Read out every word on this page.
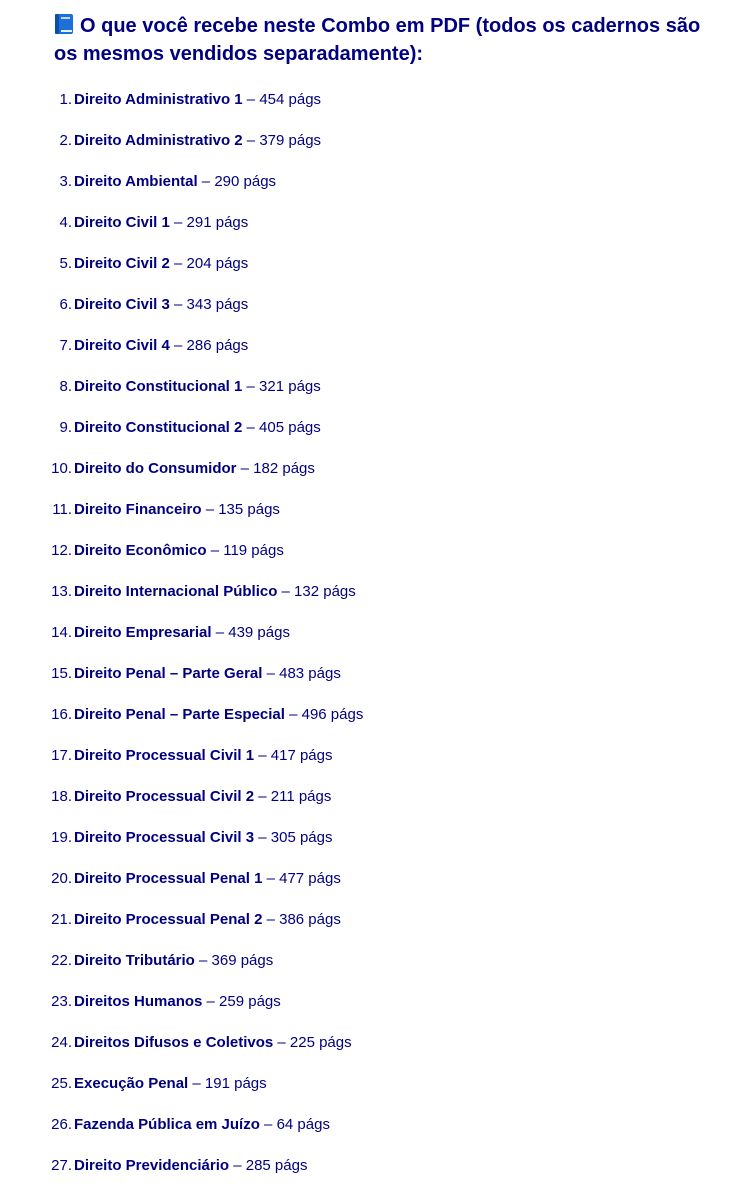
O que você recebe neste Combo em PDF (todos os cadernos são os mesmos vendidos separadamente):
1. Direito Administrativo 1 – 454 págs
2. Direito Administrativo 2 – 379 págs
3. Direito Ambiental – 290 págs
4. Direito Civil 1 – 291 págs
5. Direito Civil 2 – 204 págs
6. Direito Civil 3 – 343 págs
7. Direito Civil 4 – 286 págs
8. Direito Constitucional 1 – 321 págs
9. Direito Constitucional 2 – 405 págs
10. Direito do Consumidor – 182 págs
11. Direito Financeiro – 135 págs
12. Direito Econômico – 119 págs
13. Direito Internacional Público – 132 págs
14. Direito Empresarial – 439 págs
15. Direito Penal – Parte Geral – 483 págs
16. Direito Penal – Parte Especial – 496 págs
17. Direito Processual Civil 1 – 417 págs
18. Direito Processual Civil 2 – 211 págs
19. Direito Processual Civil 3 – 305 págs
20. Direito Processual Penal 1 – 477 págs
21. Direito Processual Penal 2 – 386 págs
22. Direito Tributário – 369 págs
23. Direitos Humanos – 259 págs
24. Direitos Difusos e Coletivos – 225 págs
25. Execução Penal – 191 págs
26. Fazenda Pública em Juízo – 64 págs
27. Direito Previdenciário – 285 págs
